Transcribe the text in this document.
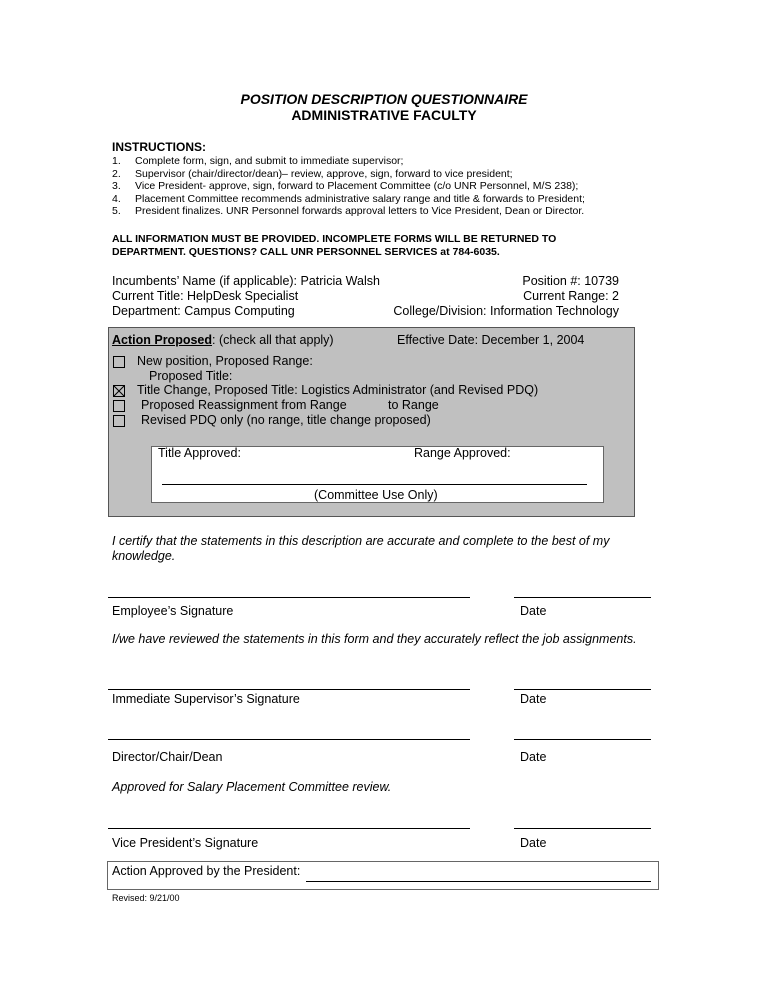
POSITION DESCRIPTION QUESTIONNAIRE
ADMINISTRATIVE FACULTY
INSTRUCTIONS:
1.	Complete form, sign, and submit to immediate supervisor;
2.	Supervisor (chair/director/dean)– review, approve, sign, forward to vice president;
3.	Vice President- approve, sign, forward to Placement Committee (c/o UNR Personnel, M/S 238);
4.	Placement Committee recommends administrative salary range and title & forwards to President;
5.	President finalizes. UNR Personnel forwards approval letters to Vice President, Dean or Director.
ALL INFORMATION MUST BE PROVIDED. INCOMPLETE FORMS WILL BE RETURNED TO DEPARTMENT. QUESTIONS? CALL UNR PERSONNEL SERVICES at 784-6035.
Incumbents’ Name (if applicable): Patricia Walsh	Position #: 10739
Current Title: HelpDesk Specialist	Current Range: 2
Department: Campus Computing	College/Division: Information Technology
Action Proposed: (check all that apply)	Effective Date: December 1, 2004
New position, Proposed Range:
Proposed Title:
Title Change, Proposed Title: Logistics Administrator (and Revised PDQ)
Proposed Reassignment from Range	to Range
Revised PDQ only (no range, title change proposed)
Title Approved:	Range Approved:
(Committee Use Only)
I certify that the statements in this description are accurate and complete to the best of my knowledge.
Employee’s Signature	Date
I/we have reviewed the statements in this form and they accurately reflect the job assignments.
Immediate Supervisor’s Signature	Date
Director/Chair/Dean	Date
Approved for Salary Placement Committee review.
Vice President’s Signature	Date
Action Approved by the President:
Revised: 9/21/00
